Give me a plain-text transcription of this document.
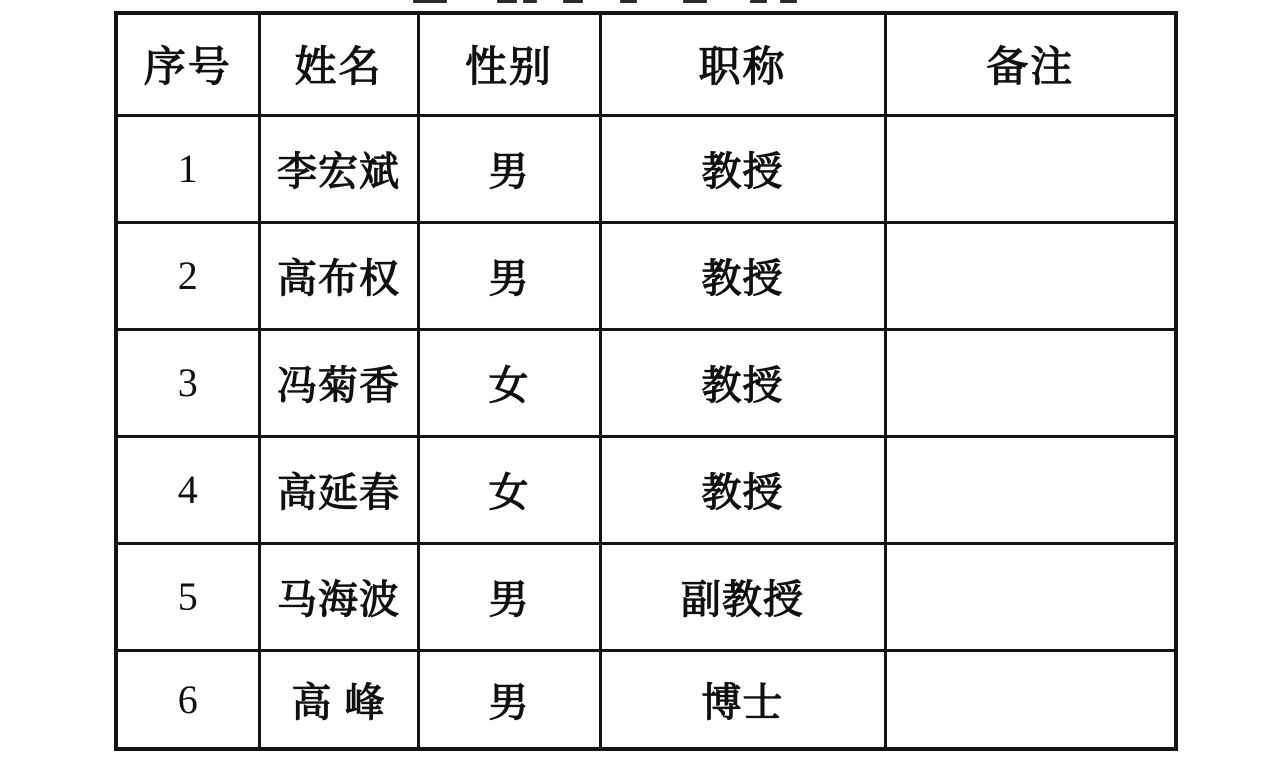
序号	姓名	性别	职称	备注
1	李宏斌	男	教授	
2	高布权	男	教授	
3	冯菊香	女	教授	
4	高延春	女	教授	
5	马海波	男	副教授	
6	高 峰	男	博士	
